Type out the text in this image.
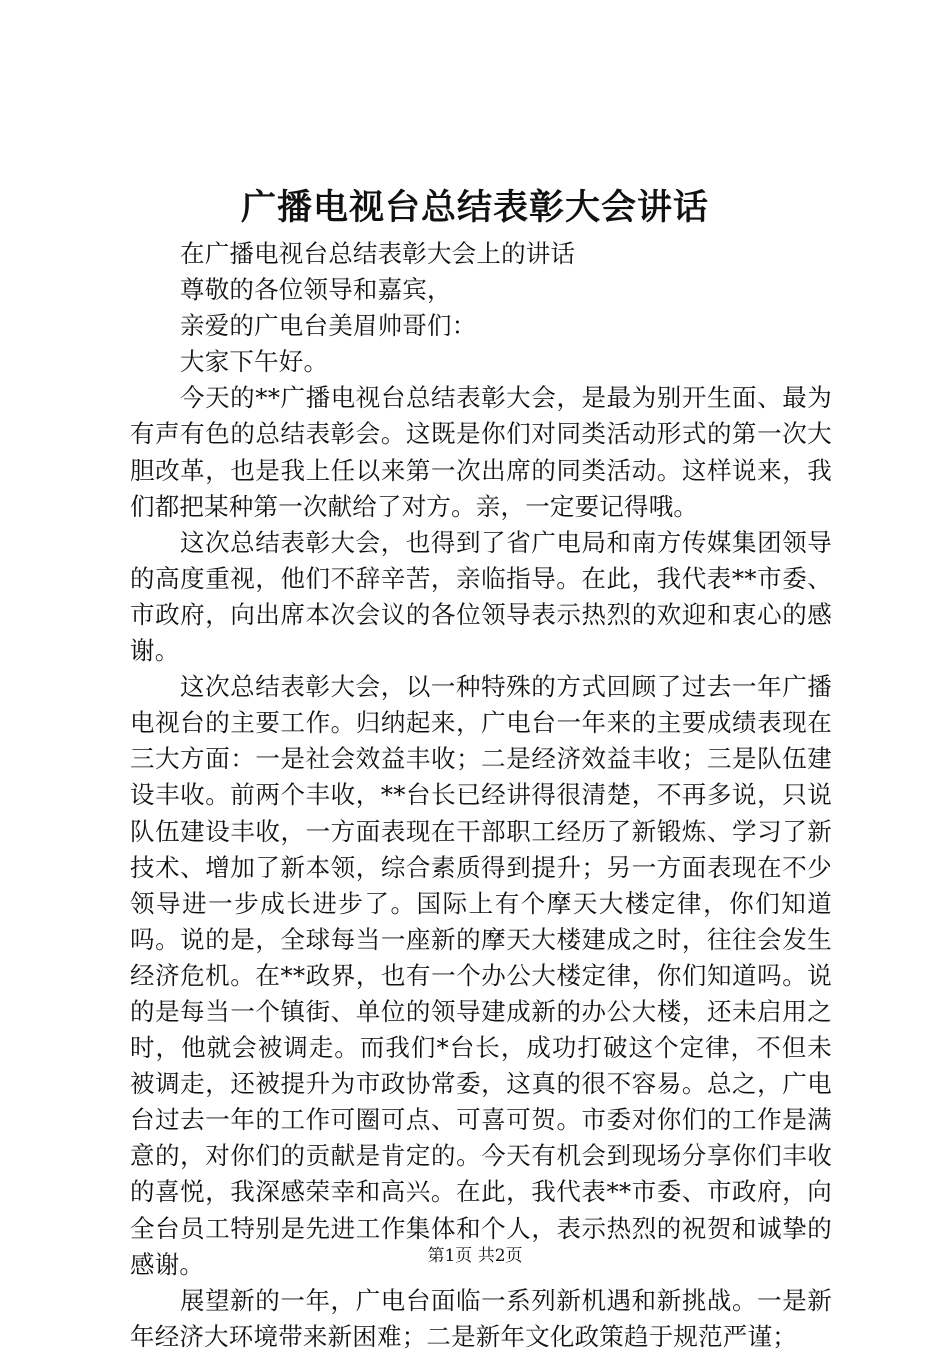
广播电视台总结表彰大会讲话

在广播电视台总结表彰大会上的讲话

尊敬的各位领导和嘉宾，

亲爱的广电台美眉帅哥们：

大家下午好。

今天的**广播电视台总结表彰大会，是最为别开生面、最为有声有色的总结表彰会。这既是你们对同类活动形式的第一次大胆改革，也是我上任以来第一次出席的同类活动。这样说来，我们都把某种第一次献给了对方。亲，一定要记得哦。

这次总结表彰大会，也得到了省广电局和南方传媒集团领导的高度重视，他们不辞辛苦，亲临指导。在此，我代表**市委、市政府，向出席本次会议的各位领导表示热烈的欢迎和衷心的感谢。

这次总结表彰大会，以一种特殊的方式回顾了过去一年广播电视台的主要工作。归纳起来，广电台一年来的主要成绩表现在三大方面：一是社会效益丰收；二是经济效益丰收；三是队伍建设丰收。前两个丰收，**台长已经讲得很清楚，不再多说，只说队伍建设丰收，一方面表现在干部职工经历了新锻炼、学习了新技术、增加了新本领，综合素质得到提升；另一方面表现在不少领导进一步成长进步了。国际上有个摩天大楼定律，你们知道吗。说的是，全球每当一座新的摩天大楼建成之时，往往会发生经济危机。在**政界，也有一个办公大楼定律，你们知道吗。说的是每当一个镇街、单位的领导建成新的办公大楼，还未启用之时，他就会被调走。而我们*台长，成功打破这个定律，不但未被调走，还被提升为市政协常委，这真的很不容易。总之，广电台过去一年的工作可圈可点、可喜可贺。市委对你们的工作是满意的，对你们的贡献是肯定的。今天有机会到现场分享你们丰收的喜悦，我深感荣幸和高兴。在此，我代表**市委、市政府，向全台员工特别是先进工作集体和个人，表示热烈的祝贺和诚挚的感谢。

展望新的一年，广电台面临一系列新机遇和新挑战。一是新年经济大环境带来新困难；二是新年文化政策趋于规范严谨；

第1页 共2页
